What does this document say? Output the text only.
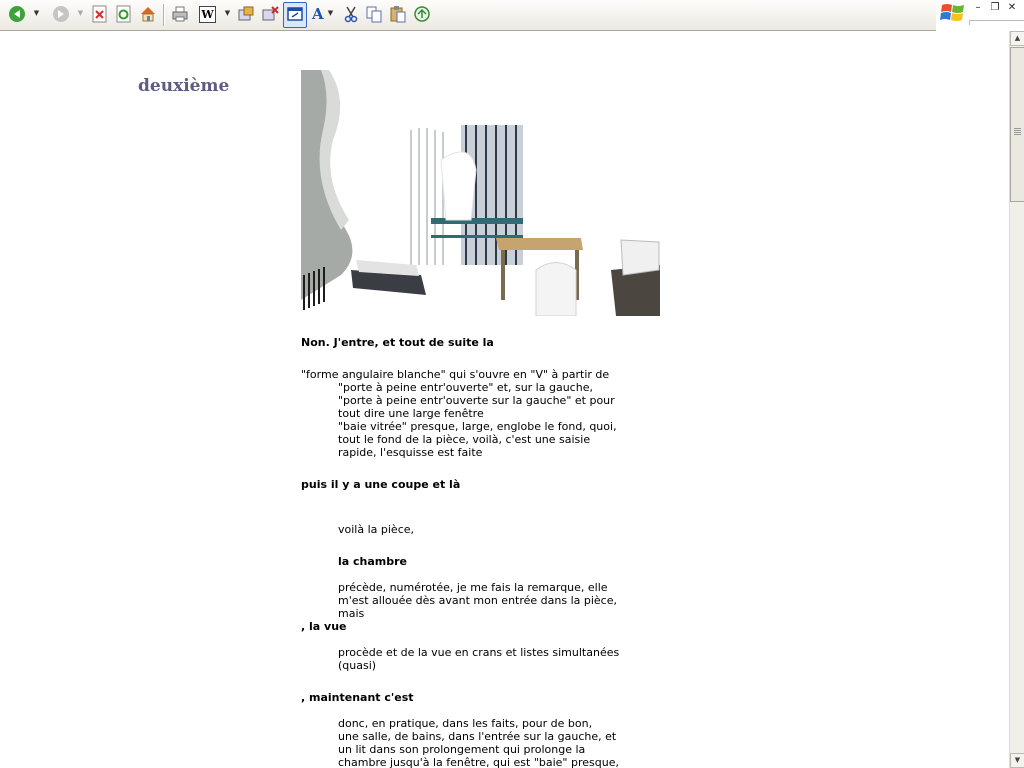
▼	▼	W	▼	A ▼	–	❐ ✕
deuxième
Non. J'entre, et tout de suite la
"forme angulaire blanche" qui s'ouvre en "V" à partir de
"porte à peine entr'ouverte" et, sur la gauche,
"porte à peine entr'ouverte sur la gauche" et pour
tout dire une large fenêtre
"baie vitrée" presque, large, englobe le fond, quoi,
tout le fond de la pièce, voilà, c'est une saisie
rapide, l'esquisse est faite
puis il y a une coupe et là
voilà la pièce,
la chambre
précède, numérotée, je me fais la remarque, elle
m'est allouée dès avant mon entrée dans la pièce,
mais
, la vue
procède et de la vue en crans et listes simultanées
(quasi)
, maintenant c'est
donc, en pratique, dans les faits, pour de bon,
une salle, de bains, dans l'entrée sur la gauche, et
un lit dans son prolongement qui prolonge la
chambre jusqu'à la fenêtre, qui est "baie" presque,
▲
▼
